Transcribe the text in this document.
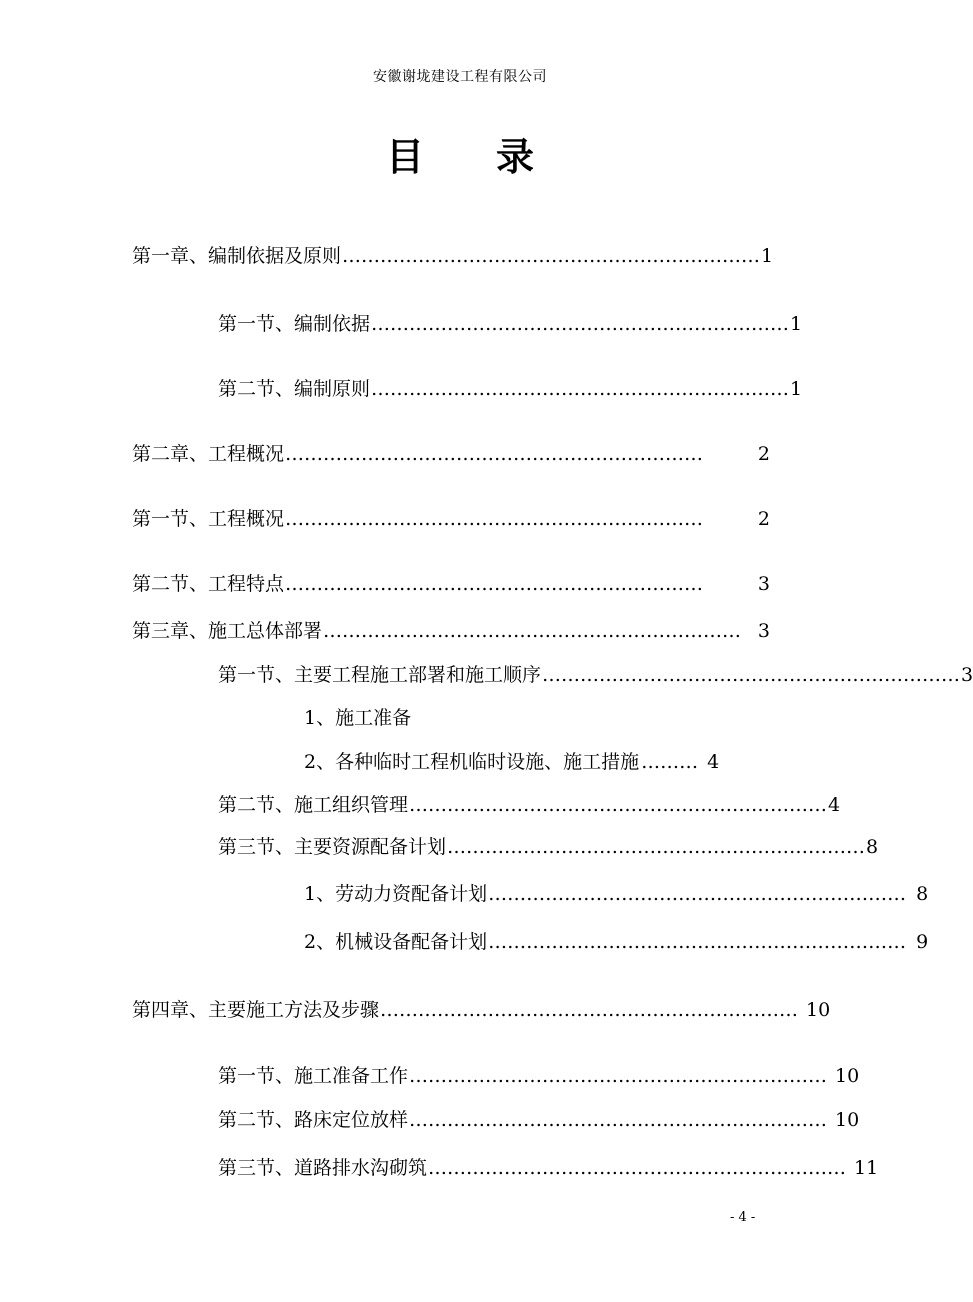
安徽谢垅建设工程有限公司
目 录
第一章、编制依据及原则 ………………………………………………………… 1
第一节、编制依据 ………………………………………………………… 1
第二节、编制原则 ………………………………………………………… 1
第二章、工程概况 …………………………………………………………	2
第一节、工程概况 …………………………………………………………	2
第二节、工程特点 …………………………………………………………	3
第三章、施工总体部署 ………………………………………………………… 3
第一节、主要工程施工部署和施工顺序 ………………………………………………………… 3
1、施工准备
2、各种临时工程机临时设施、施工措施 ……… 4
第二节、施工组织管理 ………………………………………………………… 4
第三节、主要资源配备计划 ………………………………………………………… 8
1、劳动力资配备计划 ………………………………………………………… 8
2、机械设备配备计划 ………………………………………………………… 9
第四章、主要施工方法及步骤 ………………………………………………………… 10
第一节、施工准备工作 ………………………………………………………… 10
第二节、路床定位放样 ………………………………………………………… 10
第三节、道路排水沟砌筑 ………………………………………………………… 11
- 4 -
